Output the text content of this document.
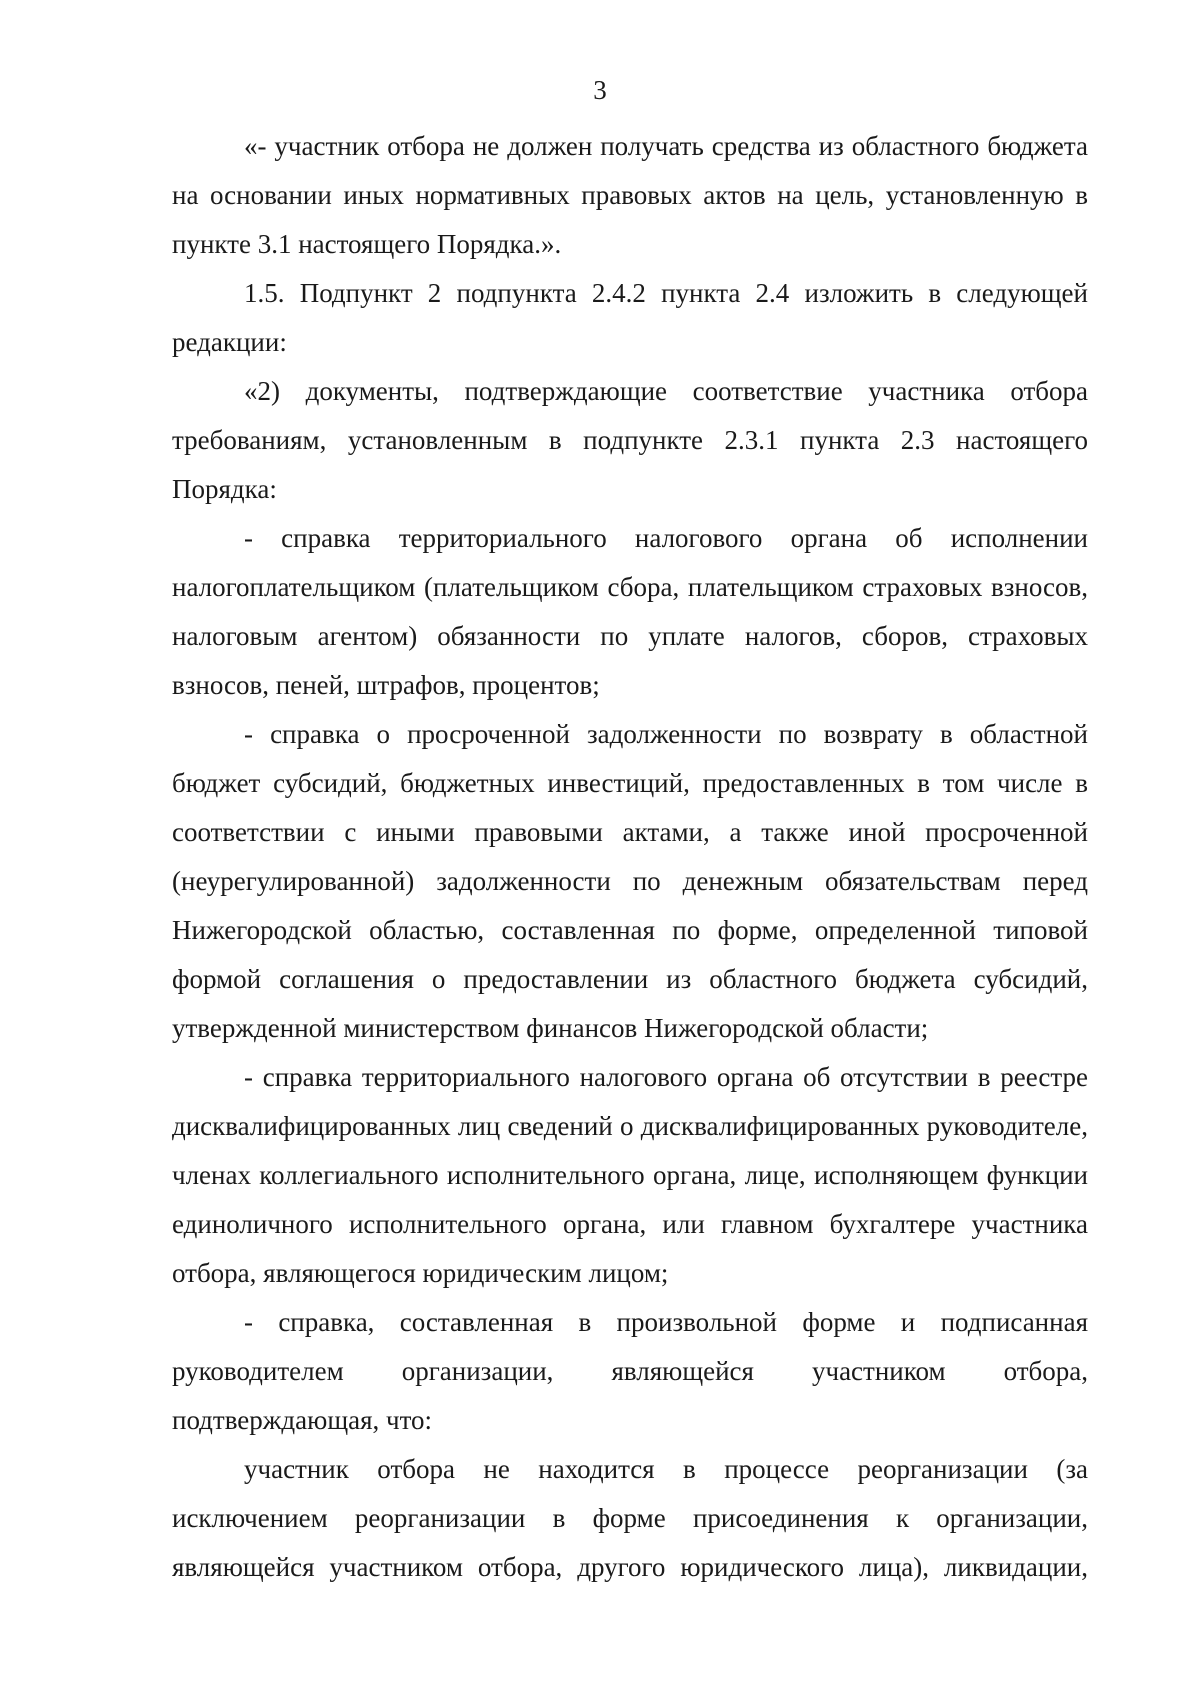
3

«- участник отбора не должен получать средства из областного бюджета на основании иных нормативных правовых актов на цель, установленную в пункте 3.1 настоящего Порядка.».

1.5. Подпункт 2 подпункта 2.4.2 пункта 2.4 изложить в следующей редакции:

«2) документы, подтверждающие соответствие участника отбора требованиям, установленным в подпункте 2.3.1 пункта 2.3 настоящего Порядка:

- справка территориального налогового органа об исполнении налогоплательщиком (плательщиком сбора, плательщиком страховых взносов, налоговым агентом) обязанности по уплате налогов, сборов, страховых взносов, пеней, штрафов, процентов;

- справка о просроченной задолженности по возврату в областной бюджет субсидий, бюджетных инвестиций, предоставленных в том числе в соответствии с иными правовыми актами, а также иной просроченной (неурегулированной) задолженности по денежным обязательствам перед Нижегородской областью, составленная по форме, определенной типовой формой соглашения о предоставлении из областного бюджета субсидий, утвержденной министерством финансов Нижегородской области;

- справка территориального налогового органа об отсутствии в реестре дисквалифицированных лиц сведений о дисквалифицированных руководителе, членах коллегиального исполнительного органа, лице, исполняющем функции единоличного исполнительного органа, или главном бухгалтере участника отбора, являющегося юридическим лицом;

- справка, составленная в произвольной форме и подписанная руководителем организации, являющейся участником отбора, подтверждающая, что:

участник отбора не находится в процессе реорганизации (за исключением реорганизации в форме присоединения к организации, являющейся участником отбора, другого юридического лица), ликвидации,
